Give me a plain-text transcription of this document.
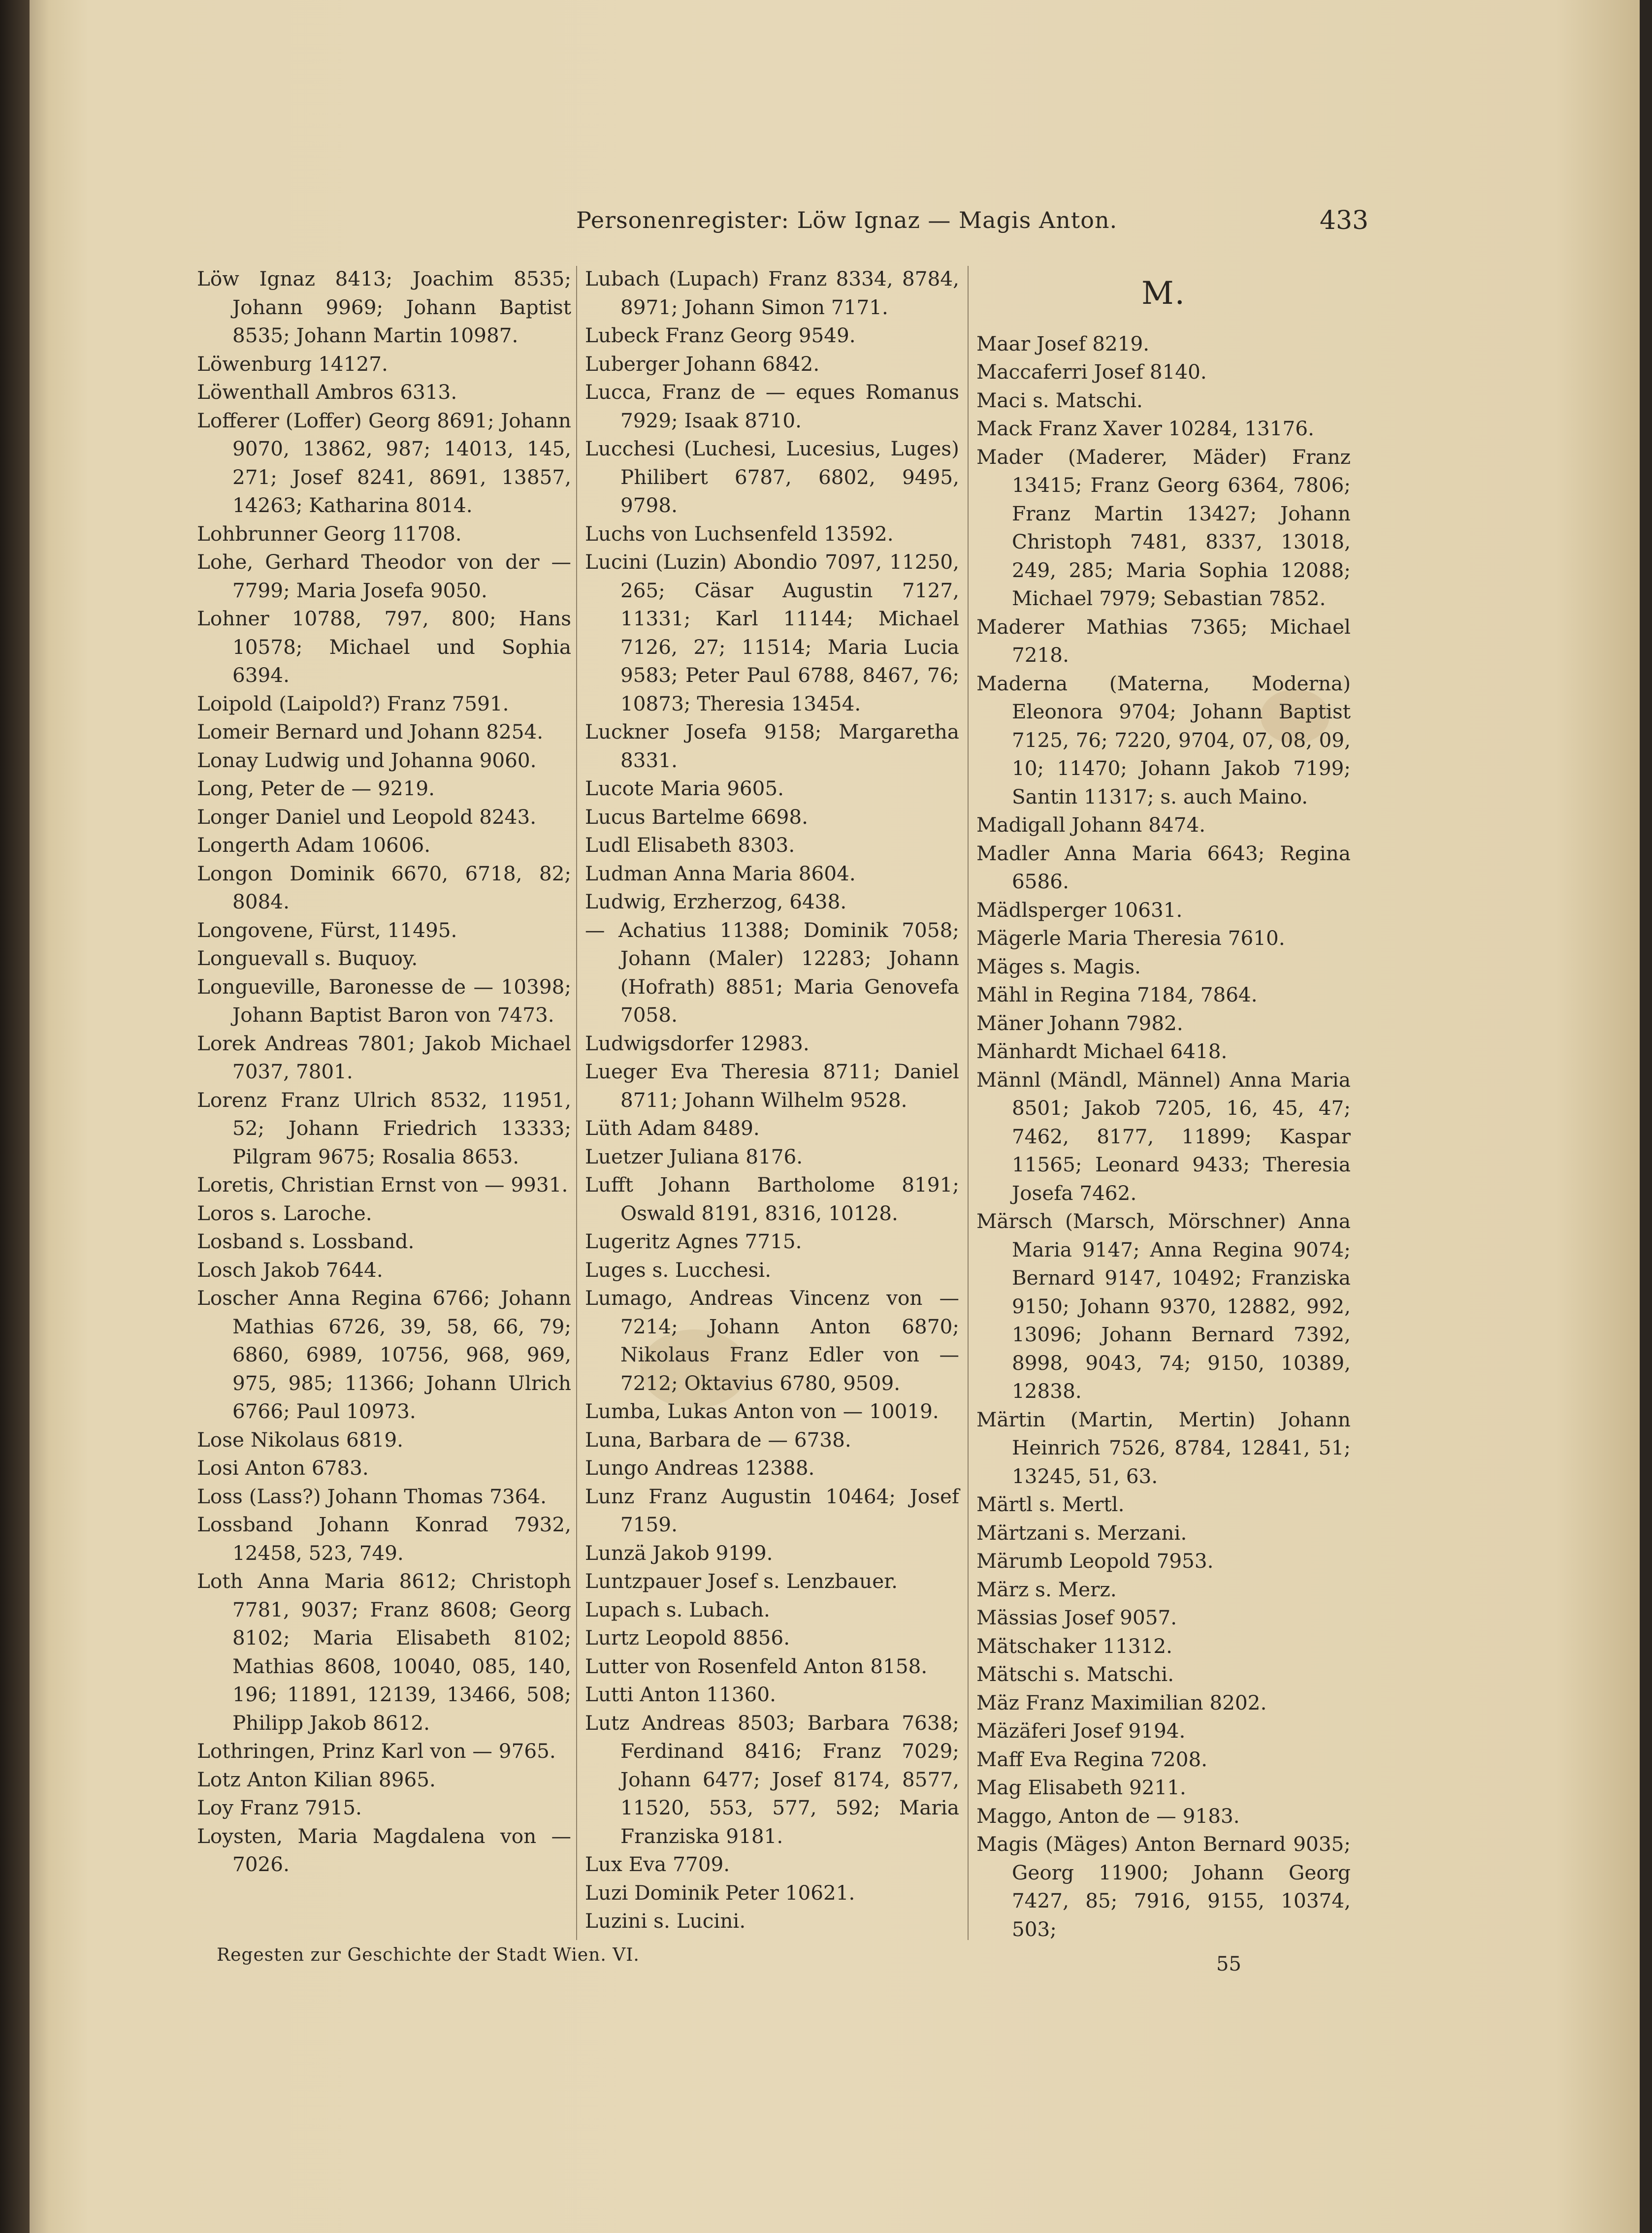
Personenregister: Löw Ignaz — Magis Anton.	433
Löw Ignaz 8413; Joachim 8535; Johann 9969; Johann Baptist 8535; Johann Martin 10987.
Löwenburg 14127.
Löwenthall Ambros 6313.
Lofferer (Loffer) Georg 8691; Johann 9070, 13862, 987; 14013, 145, 271; Josef 8241, 8691, 13857, 14263; Katharina 8014.
Lohbrunner Georg 11708.
Lohe, Gerhard Theodor von der — 7799; Maria Josefa 9050.
Lohner 10788, 797, 800; Hans 10578; Michael und Sophia 6394.
Loipold (Laipold?) Franz 7591.
Lomeir Bernard und Johann 8254.
Lonay Ludwig und Johanna 9060.
Long, Peter de — 9219.
Longer Daniel und Leopold 8243.
Longerth Adam 10606.
Longon Dominik 6670, 6718, 82; 8084.
Longovene, Fürst, 11495.
Longuevall s. Buquoy.
Longueville, Baronesse de — 10398; Johann Baptist Baron von 7473.
Lorek Andreas 7801; Jakob Michael 7037, 7801.
Lorenz Franz Ulrich 8532, 11951, 52; Johann Friedrich 13333; Pilgram 9675; Rosalia 8653.
Loretis, Christian Ernst von — 9931.
Loros s. Laroche.
Losband s. Lossband.
Losch Jakob 7644.
Loscher Anna Regina 6766; Johann Mathias 6726, 39, 58, 66, 79; 6860, 6989, 10756, 968, 969, 975, 985; 11366; Johann Ulrich 6766; Paul 10973.
Lose Nikolaus 6819.
Losi Anton 6783.
Loss (Lass?) Johann Thomas 7364.
Lossband Johann Konrad 7932, 12458, 523, 749.
Loth Anna Maria 8612; Christoph 7781, 9037; Franz 8608; Georg 8102; Maria Elisabeth 8102; Mathias 8608, 10040, 085, 140, 196; 11891, 12139, 13466, 508; Philipp Jakob 8612.
Lothringen, Prinz Karl von — 9765.
Lotz Anton Kilian 8965.
Loy Franz 7915.
Loysten, Maria Magdalena von — 7026.
Lubach (Lupach) Franz 8334, 8784, 8971; Johann Simon 7171.
Lubeck Franz Georg 9549.
Luberger Johann 6842.
Lucca, Franz de — eques Romanus 7929; Isaak 8710.
Lucchesi (Luchesi, Lucesius, Luges) Philibert 6787, 6802, 9495, 9798.
Luchs von Luchsenfeld 13592.
Lucini (Luzin) Abondio 7097, 11250, 265; Cäsar Augustin 7127, 11331; Karl 11144; Michael 7126, 27; 11514; Maria Lucia 9583; Peter Paul 6788, 8467, 76; 10873; Theresia 13454.
Luckner Josefa 9158; Margaretha 8331.
Lucote Maria 9605.
Lucus Bartelme 6698.
Ludl Elisabeth 8303.
Ludman Anna Maria 8604.
Ludwig, Erzherzog, 6438.
— Achatius 11388; Dominik 7058; Johann (Maler) 12283; Johann (Hofrath) 8851; Maria Genovefa 7058.
Ludwigsdorfer 12983.
Lueger Eva Theresia 8711; Daniel 8711; Johann Wilhelm 9528.
Lüth Adam 8489.
Luetzer Juliana 8176.
Lufft Johann Bartholome 8191; Oswald 8191, 8316, 10128.
Lugeritz Agnes 7715.
Luges s. Lucchesi.
Lumago, Andreas Vincenz von — 7214; Johann Anton 6870; Nikolaus Franz Edler von — 7212; Oktavius 6780, 9509.
Lumba, Lukas Anton von — 10019.
Luna, Barbara de — 6738.
Lungo Andreas 12388.
Lunz Franz Augustin 10464; Josef 7159.
Lunzä Jakob 9199.
Luntzpauer Josef s. Lenzbauer.
Lupach s. Lubach.
Lurtz Leopold 8856.
Lutter von Rosenfeld Anton 8158.
Lutti Anton 11360.
Lutz Andreas 8503; Barbara 7638; Ferdinand 8416; Franz 7029; Johann 6477; Josef 8174, 8577, 11520, 553, 577, 592; Maria Franziska 9181.
Lux Eva 7709.
Luzi Dominik Peter 10621.
Luzini s. Lucini.
M.
Maar Josef 8219.
Maccaferri Josef 8140.
Maci s. Matschi.
Mack Franz Xaver 10284, 13176.
Mader (Maderer, Mäder) Franz 13415; Franz Georg 6364, 7806; Franz Martin 13427; Johann Christoph 7481, 8337, 13018, 249, 285; Maria Sophia 12088; Michael 7979; Sebastian 7852.
Maderer Mathias 7365; Michael 7218.
Maderna (Materna, Moderna) Eleonora 9704; Johann Baptist 7125, 76; 7220, 9704, 07, 08, 09, 10; 11470; Johann Jakob 7199; Santin 11317; s. auch Maino.
Madigall Johann 8474.
Madler Anna Maria 6643; Regina 6586.
Mädlsperger 10631.
Mägerle Maria Theresia 7610.
Mäges s. Magis.
Mähl in Regina 7184, 7864.
Mäner Johann 7982.
Mänhardt Michael 6418.
Männl (Mändl, Männel) Anna Maria 8501; Jakob 7205, 16, 45, 47; 7462, 8177, 11899; Kaspar 11565; Leonard 9433; Theresia Josefa 7462.
Märsch (Marsch, Mörschner) Anna Maria 9147; Anna Regina 9074; Bernard 9147, 10492; Franziska 9150; Johann 9370, 12882, 992, 13096; Johann Bernard 7392, 8998, 9043, 74; 9150, 10389, 12838.
Märtin (Martin, Mertin) Johann Heinrich 7526, 8784, 12841, 51; 13245, 51, 63.
Märtl s. Mertl.
Märtzani s. Merzani.
Märumb Leopold 7953.
März s. Merz.
Mässias Josef 9057.
Mätschaker 11312.
Mätschi s. Matschi.
Mäz Franz Maximilian 8202.
Mäzäferi Josef 9194.
Maff Eva Regina 7208.
Mag Elisabeth 9211.
Maggo, Anton de — 9183.
Magis (Mäges) Anton Bernard 9035; Georg 11900; Johann Georg 7427, 85; 7916, 9155, 10374, 503;
Regesten zur Geschichte der Stadt Wien. VI.	55
